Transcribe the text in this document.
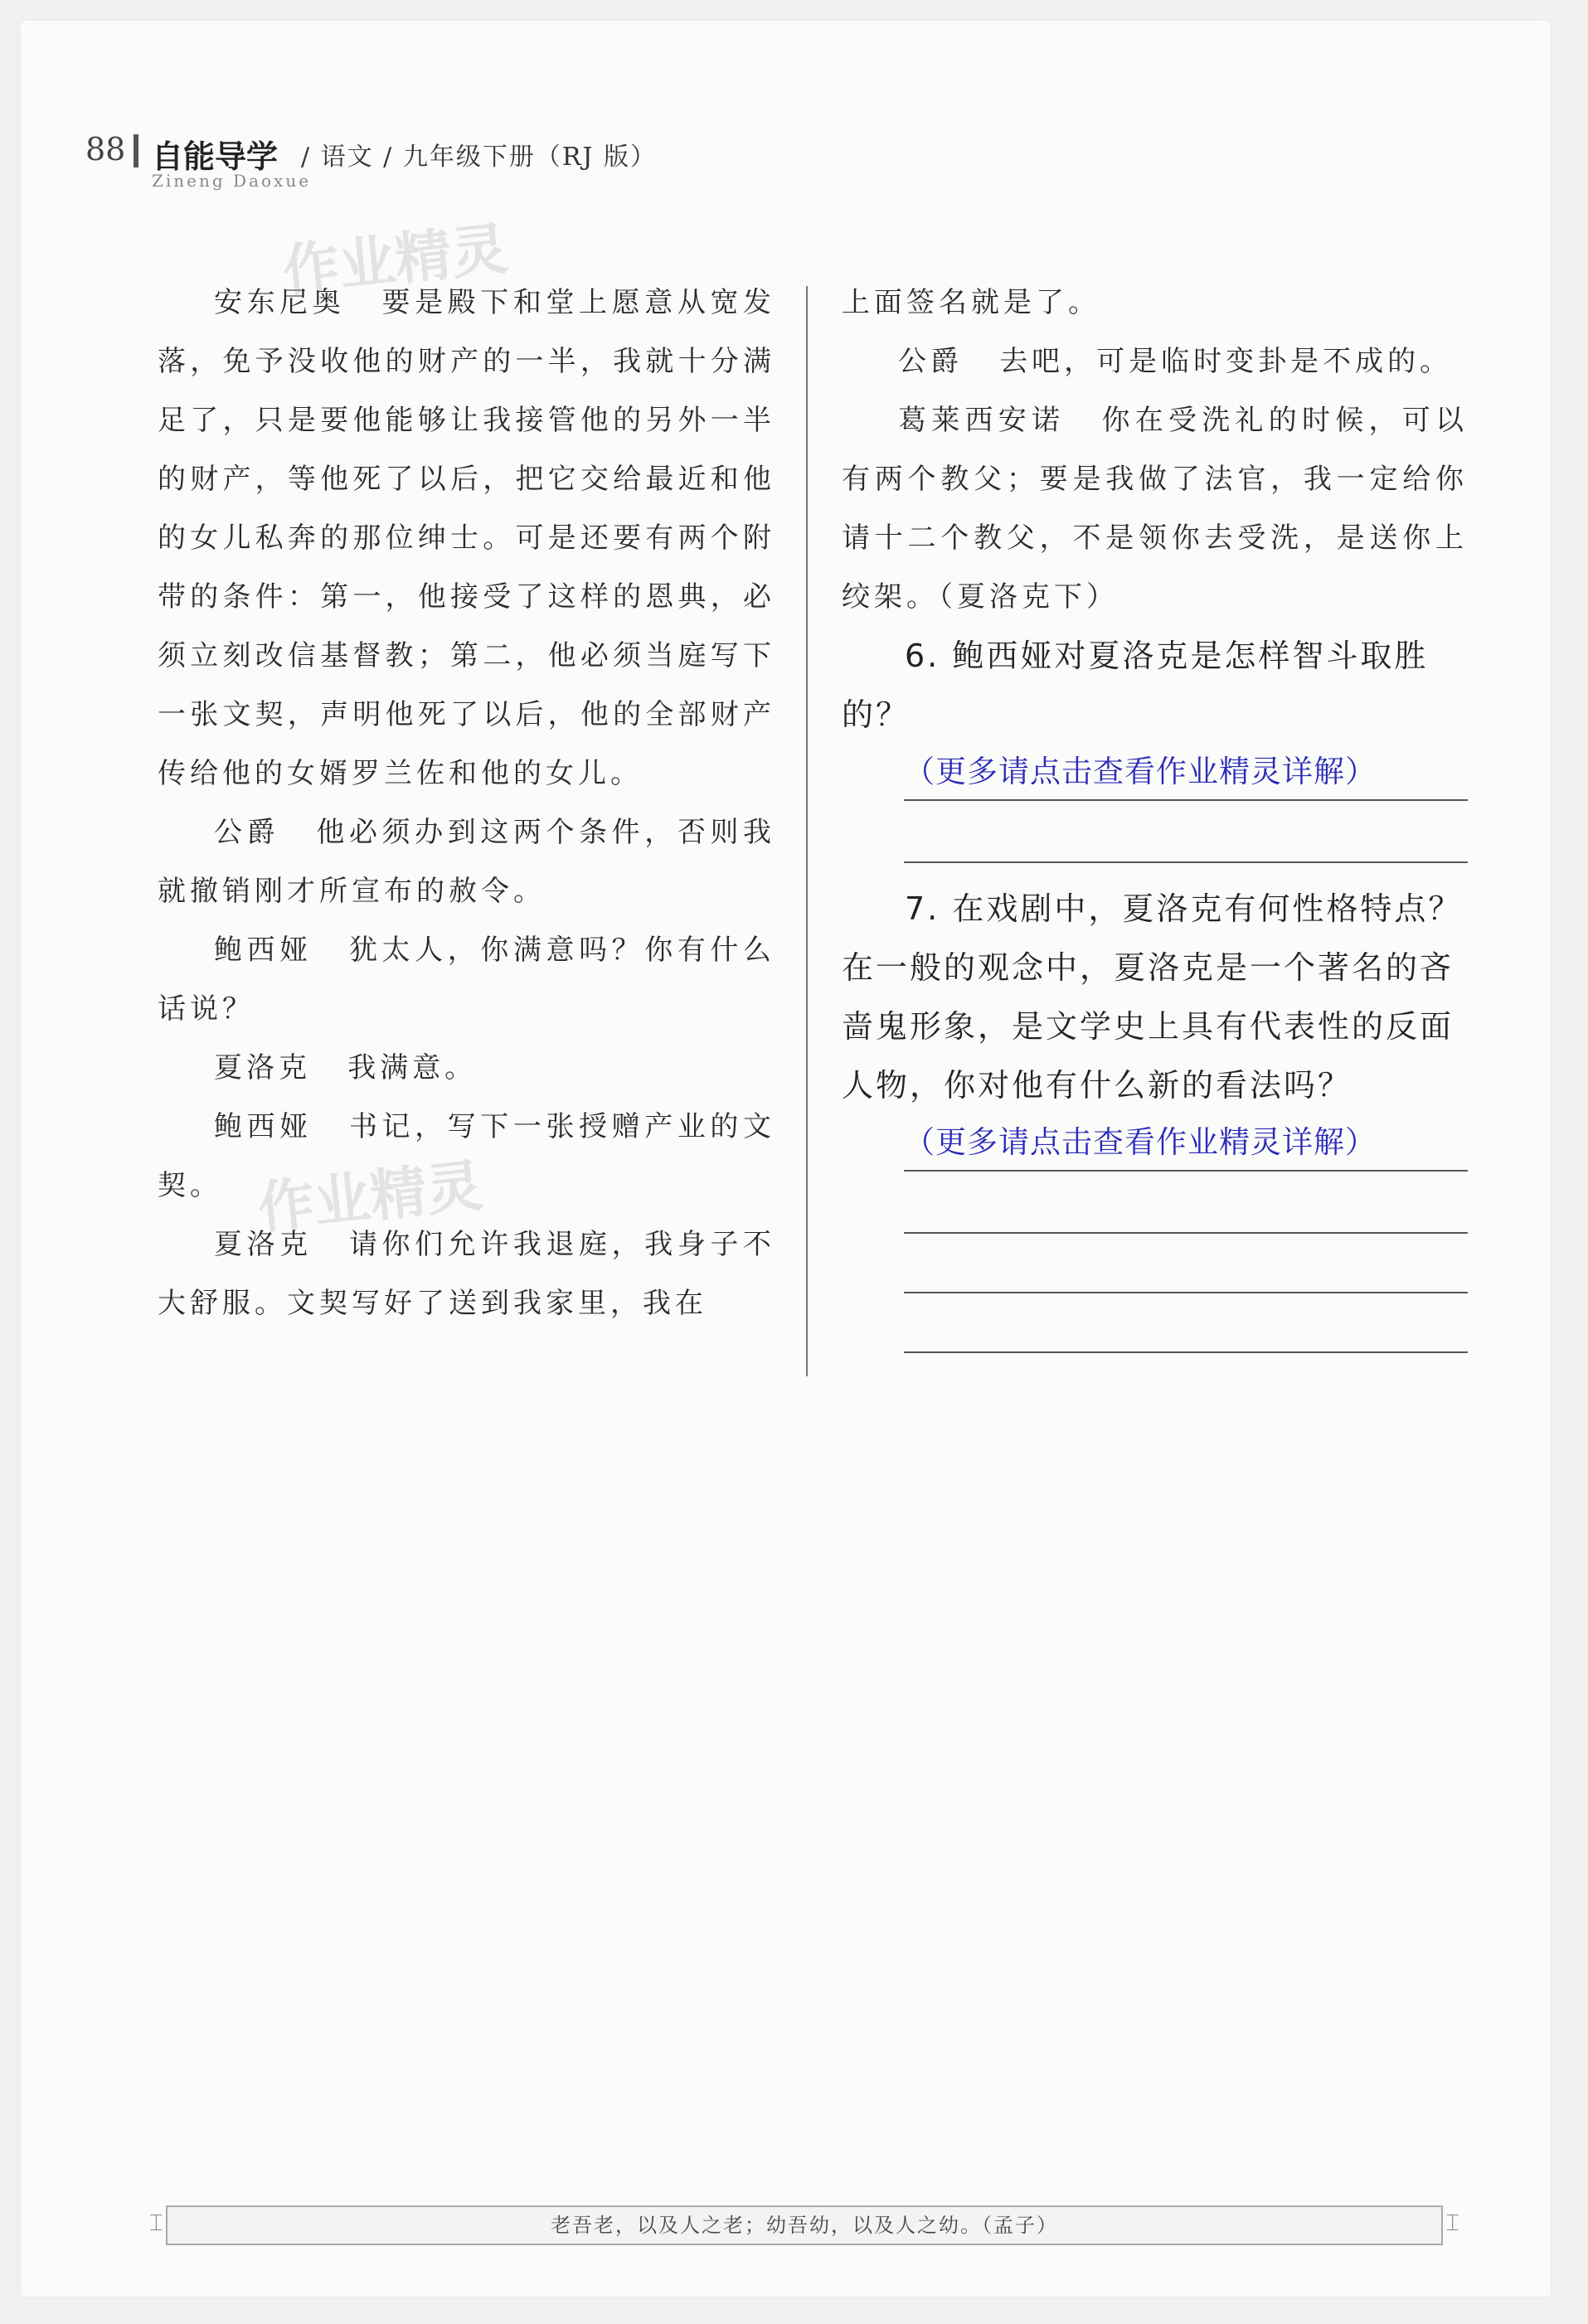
88 自能导学 / 语文 / 九年级下册（RJ 版）
Zineng Daoxue
作业精灵
作业精灵

安东尼奥 要是殿下和堂上愿意从宽发落，免予没收他的财产的一半，我就十分满足了，只是要他能够让我接管他的另外一半的财产，等他死了以后，把它交给最近和他的女儿私奔的那位绅士。可是还要有两个附带的条件：第一，他接受了这样的恩典，必须立刻改信基督教；第二，他必须当庭写下一张文契，声明他死了以后，他的全部财产传给他的女婿罗兰佐和他的女儿。

公爵 他必须办到这两个条件，否则我就撤销刚才所宣布的赦令。

鲍西娅 犹太人，你满意吗？你有什么话说？

夏洛克 我满意。

鲍西娅 书记，写下一张授赠产业的文契。

夏洛克 请你们允许我退庭，我身子不大舒服。文契写好了送到我家里，我在

上面签名就是了。

公爵 去吧，可是临时变卦是不成的。

葛莱西安诺 你在受洗礼的时候，可以有两个教父；要是我做了法官，我一定给你请十二个教父，不是领你去受洗，是送你上绞架。（夏洛克下）

6. 鲍西娅对夏洛克是怎样智斗取胜的？

（更多请点击查看作业精灵详解）

7. 在戏剧中，夏洛克有何性格特点？在一般的观念中，夏洛克是一个著名的吝啬鬼形象，是文学史上具有代表性的反面人物，你对他有什么新的看法吗？

（更多请点击查看作业精灵详解）
⌶	老吾老，以及人之老；幼吾幼，以及人之幼。（孟子）	⌶
